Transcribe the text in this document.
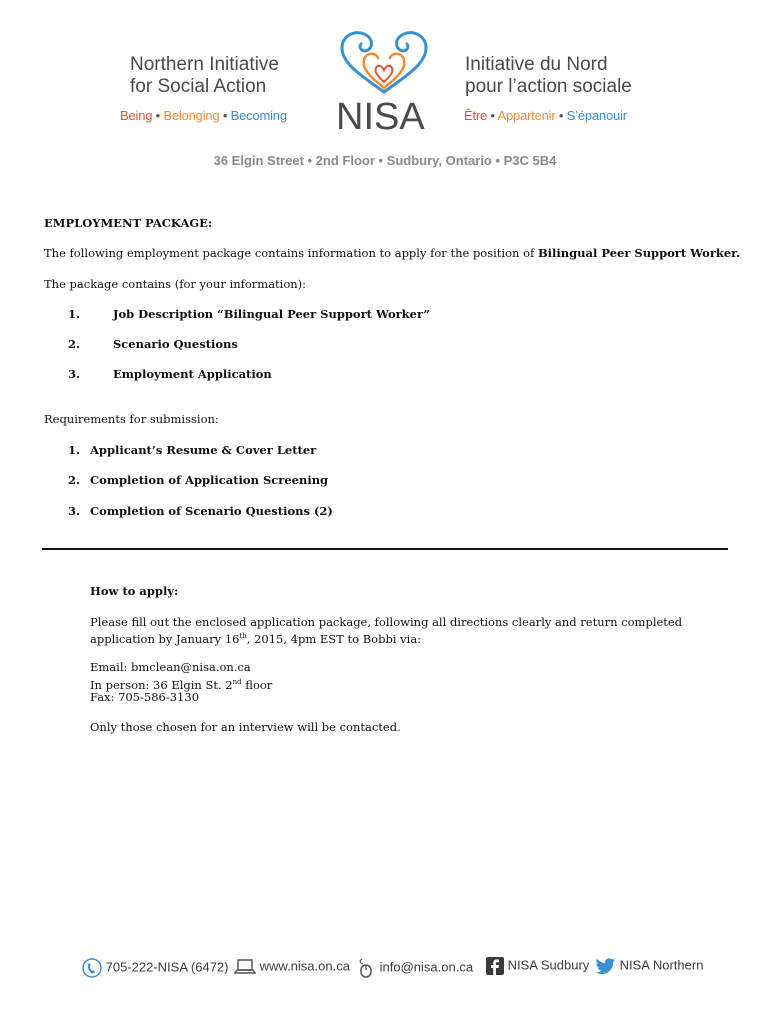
Northern Initiative
for Social Action
Being • Belonging • Becoming NISA
Initiative du Nord
pour l’action sociale
Être • Appartenir • S’épanouir
36 Elgin Street • 2nd Floor • Sudbury, Ontario • P3C 5B4
EMPLOYMENT PACKAGE:
The following employment package contains information to apply for the position of Bilingual Peer Support Worker.
The package contains (for your information):
1.	Job Description “Bilingual Peer Support Worker”
2.	Scenario Questions
3.	Employment Application
Requirements for submission:
1. Applicant’s Resume & Cover Letter
2. Completion of Application Screening
3. Completion of Scenario Questions (2)
How to apply:
Please fill out the enclosed application package, following all directions clearly and return completed
application by January 16th, 2015, 4pm EST to Bobbi via:
Email: bmclean@nisa.on.ca
In person: 36 Elgin St. 2nd floor
Fax: 705-586-3130
Only those chosen for an interview will be contacted.
705-222-NISA (6472)	www.nisa.on.ca	info@nisa.on.ca	NISA Sudbury	NISA Northern
